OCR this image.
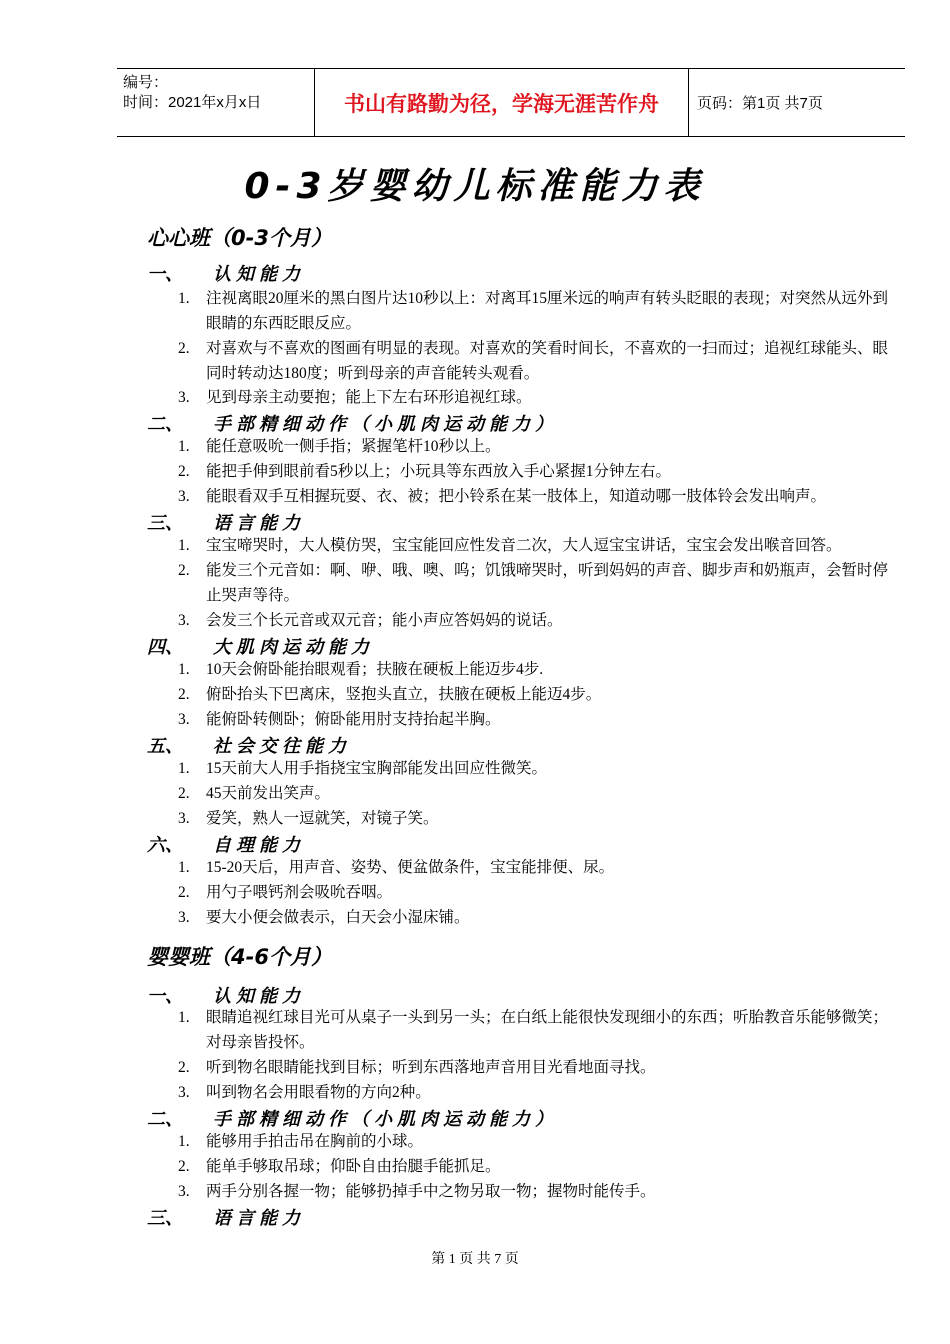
编号：
时间：2021年x月x日	书山有路勤为径，学海无涯苦作舟	页码：第1页 共7页
0-3岁婴幼儿标准能力表
心心班（0-3个月）
一、 认知能力
1. 注视离眼20厘米的黑白图片达10秒以上：对离耳15厘米远的响声有转头眨眼的表现；对突然从远外到眼睛的东西眨眼反应。
2. 对喜欢与不喜欢的图画有明显的表现。对喜欢的笑看时间长，不喜欢的一扫而过；追视红球能头、眼同时转动达180度；听到母亲的声音能转头观看。
3. 见到母亲主动要抱；能上下左右环形追视红球。
二、 手部精细动作（小肌肉运动能力）
1. 能任意吸吮一侧手指；紧握笔杆10秒以上。
2. 能把手伸到眼前看5秒以上；小玩具等东西放入手心紧握1分钟左右。
3. 能眼看双手互相握玩耍、衣、被；把小铃系在某一肢体上，知道动哪一肢体铃会发出响声。
三、 语言能力
1. 宝宝啼哭时，大人模仿哭，宝宝能回应性发音二次，大人逗宝宝讲话，宝宝会发出喉音回答。
2. 能发三个元音如：啊、咿、哦、噢、呜；饥饿啼哭时，听到妈妈的声音、脚步声和奶瓶声，会暂时停止哭声等待。
3. 会发三个长元音或双元音；能小声应答妈妈的说话。
四、 大肌肉运动能力
1. 10天会俯卧能抬眼观看；扶腋在硬板上能迈步4步.
2. 俯卧抬头下巴离床，竖抱头直立，扶腋在硬板上能迈4步。
3. 能俯卧转侧卧；俯卧能用肘支持抬起半胸。
五、 社会交往能力
1. 15天前大人用手指挠宝宝胸部能发出回应性微笑。
2. 45天前发出笑声。
3. 爱笑，熟人一逗就笑，对镜子笑。
六、 自理能力
1. 15-20天后，用声音、姿势、便盆做条件，宝宝能排便、尿。
2. 用勺子喂钙剂会吸吮吞咽。
3. 要大小便会做表示，白天会小湿床铺。
婴婴班（4-6个月）
一、 认知能力
1. 眼睛追视红球目光可从桌子一头到另一头；在白纸上能很快发现细小的东西；听胎教音乐能够微笑；对母亲皆投怀。
2. 听到物名眼睛能找到目标；听到东西落地声音用目光看地面寻找。
3. 叫到物名会用眼看物的方向2种。
二、 手部精细动作（小肌肉运动能力）
1. 能够用手拍击吊在胸前的小球。
2. 能单手够取吊球；仰卧自由抬腿手能抓足。
3. 两手分别各握一物；能够扔掉手中之物另取一物；握物时能传手。
三、 语言能力
第 1 页 共 7 页
